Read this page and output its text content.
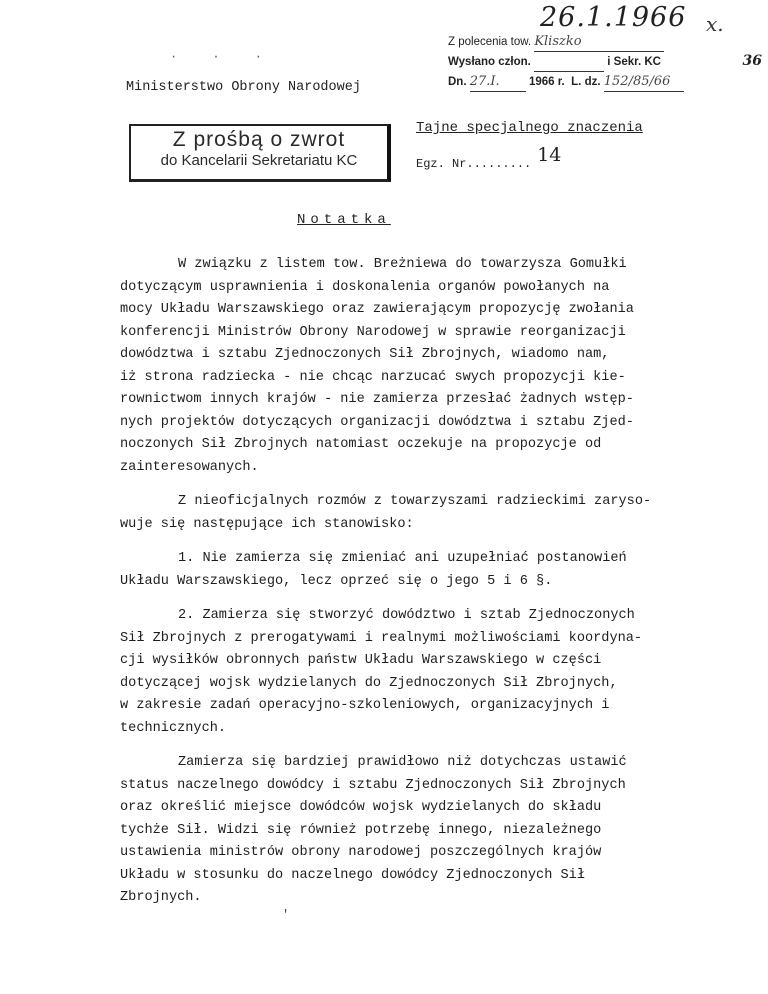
26.1.1966 x.
· · ·
Z polecenia tow. Kliszko
Wysłano człon.	i Sekr. KC	36
Dn. 27.I.	1966 r. L. dz. 152/85/66
Ministerstwo Obrony Narodowej
Z prośbą o zwrot
do Kancelarii Sekretariatu KC
Tajne specjalnego znaczenia
Egz. Nr......... 14
Notatka

W związku z listem tow. Breżniewa do towarzysza Gomułki
dotyczącym usprawnienia i doskonalenia organów powołanych na
mocy Układu Warszawskiego oraz zawierającym propozycję zwołania
konferencji Ministrów Obrony Narodowej w sprawie reorganizacji
dowództwa i sztabu Zjednoczonych Sił Zbrojnych, wiadomo nam,
iż strona radziecka - nie chcąc narzucać swych propozycji kie-
rownictwom innych krajów - nie zamierza przesłać żadnych wstęp-
nych projektów dotyczących organizacji dowództwa i sztabu Zjed-
noczonych Sił Zbrojnych natomiast oczekuje na propozycje od
zainteresowanych.

Z nieoficjalnych rozmów z towarzyszami radzieckimi zaryso-
wuje się następujące ich stanowisko:

1. Nie zamierza się zmieniać ani uzupełniać postanowień
Układu Warszawskiego, lecz oprzeć się o jego 5 i 6 §.

2. Zamierza się stworzyć dowództwo i sztab Zjednoczonych
Sił Zbrojnych z prerogatywami i realnymi możliwościami koordyna-
cji wysiłków obronnych państw Układu Warszawskiego w części
dotyczącej wojsk wydzielanych do Zjednoczonych Sił Zbrojnych,
w zakresie zadań operacyjno-szkoleniowych, organizacyjnych i
technicznych.

Zamierza się bardziej prawidłowo niż dotychczas ustawić
status naczelnego dowódcy i sztabu Zjednoczonych Sił Zbrojnych
oraz określić miejsce dowódców wojsk wydzielanych do składu
tychże Sił. Widzi się również potrzebę innego, niezależnego
ustawienia ministrów obrony narodowej poszczególnych krajów
Układu w stosunku do naczelnego dowódcy Zjednoczonych Sił
Zbrojnych.

'
